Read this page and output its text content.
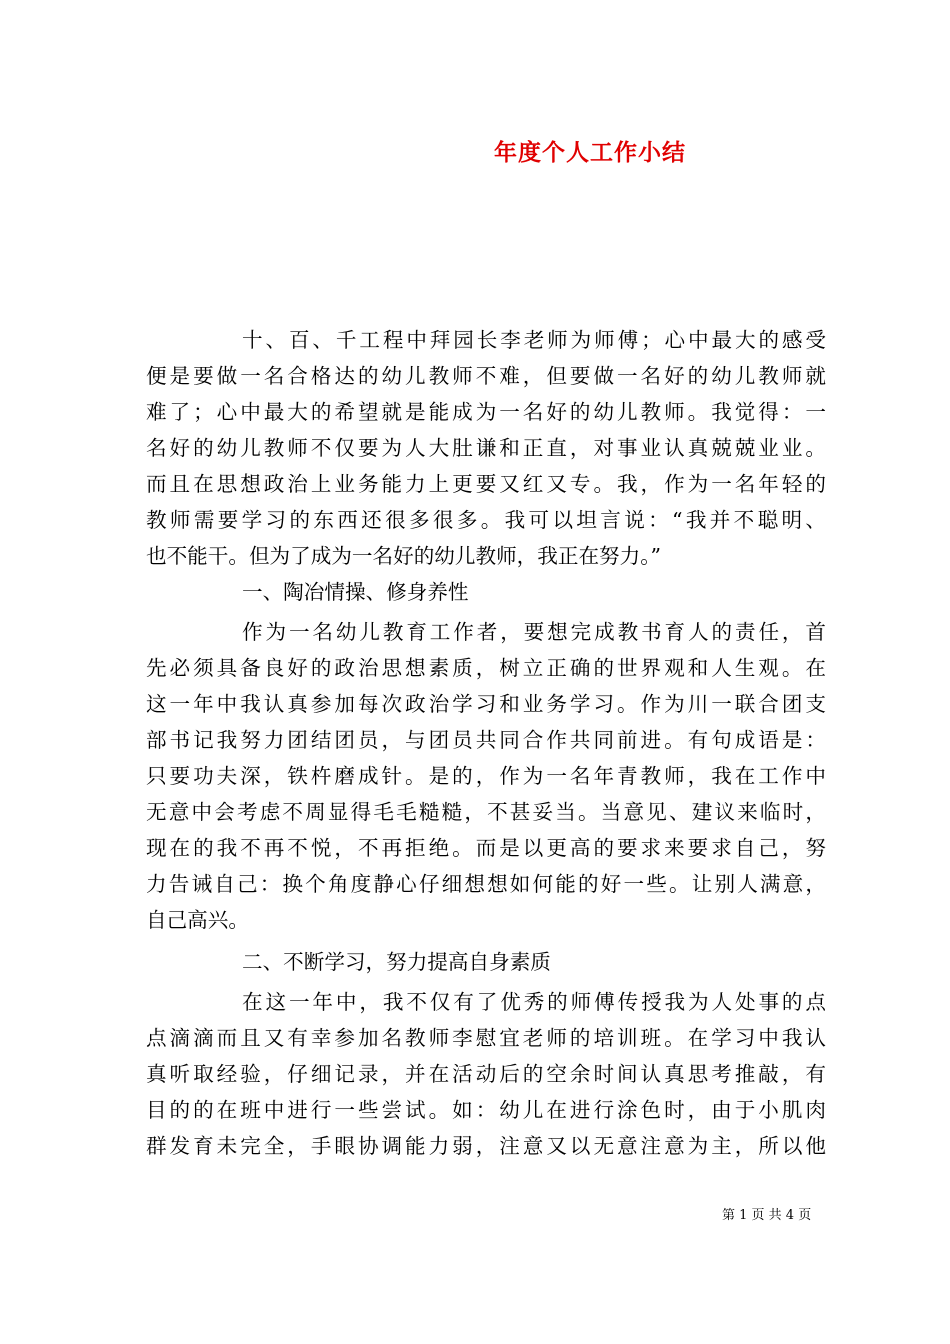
年度个人工作小结
十、百、千工程中拜园长李老师为师傅；心中最大的感受
便是要做一名合格达的幼儿教师不难，但要做一名好的幼儿教师就
难了；心中最大的希望就是能成为一名好的幼儿教师。我觉得：一
名好的幼儿教师不仅要为人大肚谦和正直，对事业认真兢兢业业。
而且在思想政治上业务能力上更要又红又专。我，作为一名年轻的
教师需要学习的东西还很多很多。我可以坦言说：“我并不聪明、
也不能干。但为了成为一名好的幼儿教师，我正在努力。”
一、陶冶情操、修身养性
作为一名幼儿教育工作者，要想完成教书育人的责任，首
先必须具备良好的政治思想素质，树立正确的世界观和人生观。在
这一年中我认真参加每次政治学习和业务学习。作为川一联合团支
部书记我努力团结团员，与团员共同合作共同前进。有句成语是：
只要功夫深，铁杵磨成针。是的，作为一名年青教师，我在工作中
无意中会考虑不周显得毛毛糙糙，不甚妥当。当意见、建议来临时，
现在的我不再不悦，不再拒绝。而是以更高的要求来要求自己，努
力告诫自己：换个角度静心仔细想想如何能的好一些。让别人满意，
自己高兴。
二、不断学习，努力提高自身素质
在这一年中，我不仅有了优秀的师傅传授我为人处事的点
点滴滴而且又有幸参加名教师李慰宜老师的培训班。在学习中我认
真听取经验，仔细记录，并在活动后的空余时间认真思考推敲，有
目的的在班中进行一些尝试。如：幼儿在进行涂色时，由于小肌肉
群发育未完全，手眼协调能力弱，注意又以无意注意为主，所以他
第 1 页 共 4 页
